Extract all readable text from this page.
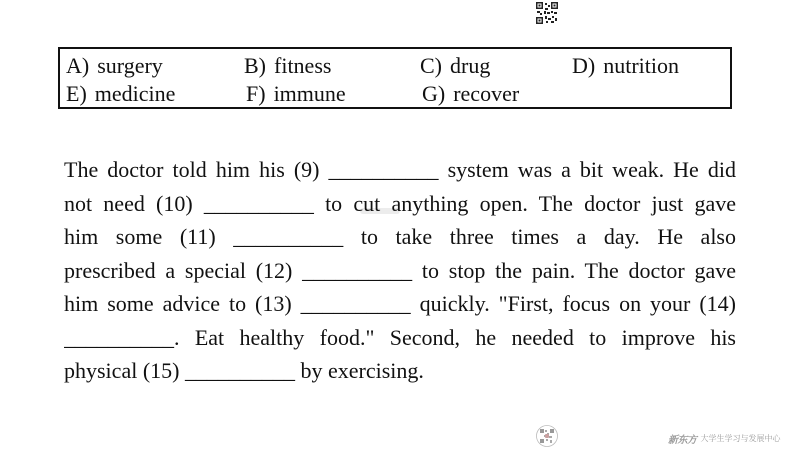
A) surgery	B) fitness	C) drug	D) nutrition
E) medicine	F) immune	G) recover
The doctor told him his (9) __________ system was a bit weak. He did
not need (10) __________ to cut anything open. The doctor just gave
him some (11) __________ to take three times a day. He also
prescribed a special (12) __________ to stop the pain. The doctor gave
him some advice to (13) __________ quickly. "First, focus on your (14)
__________. Eat healthy food." Second, he needed to improve his
physical (15) __________ by exercising.
新东方 大学生学习与发展中心
